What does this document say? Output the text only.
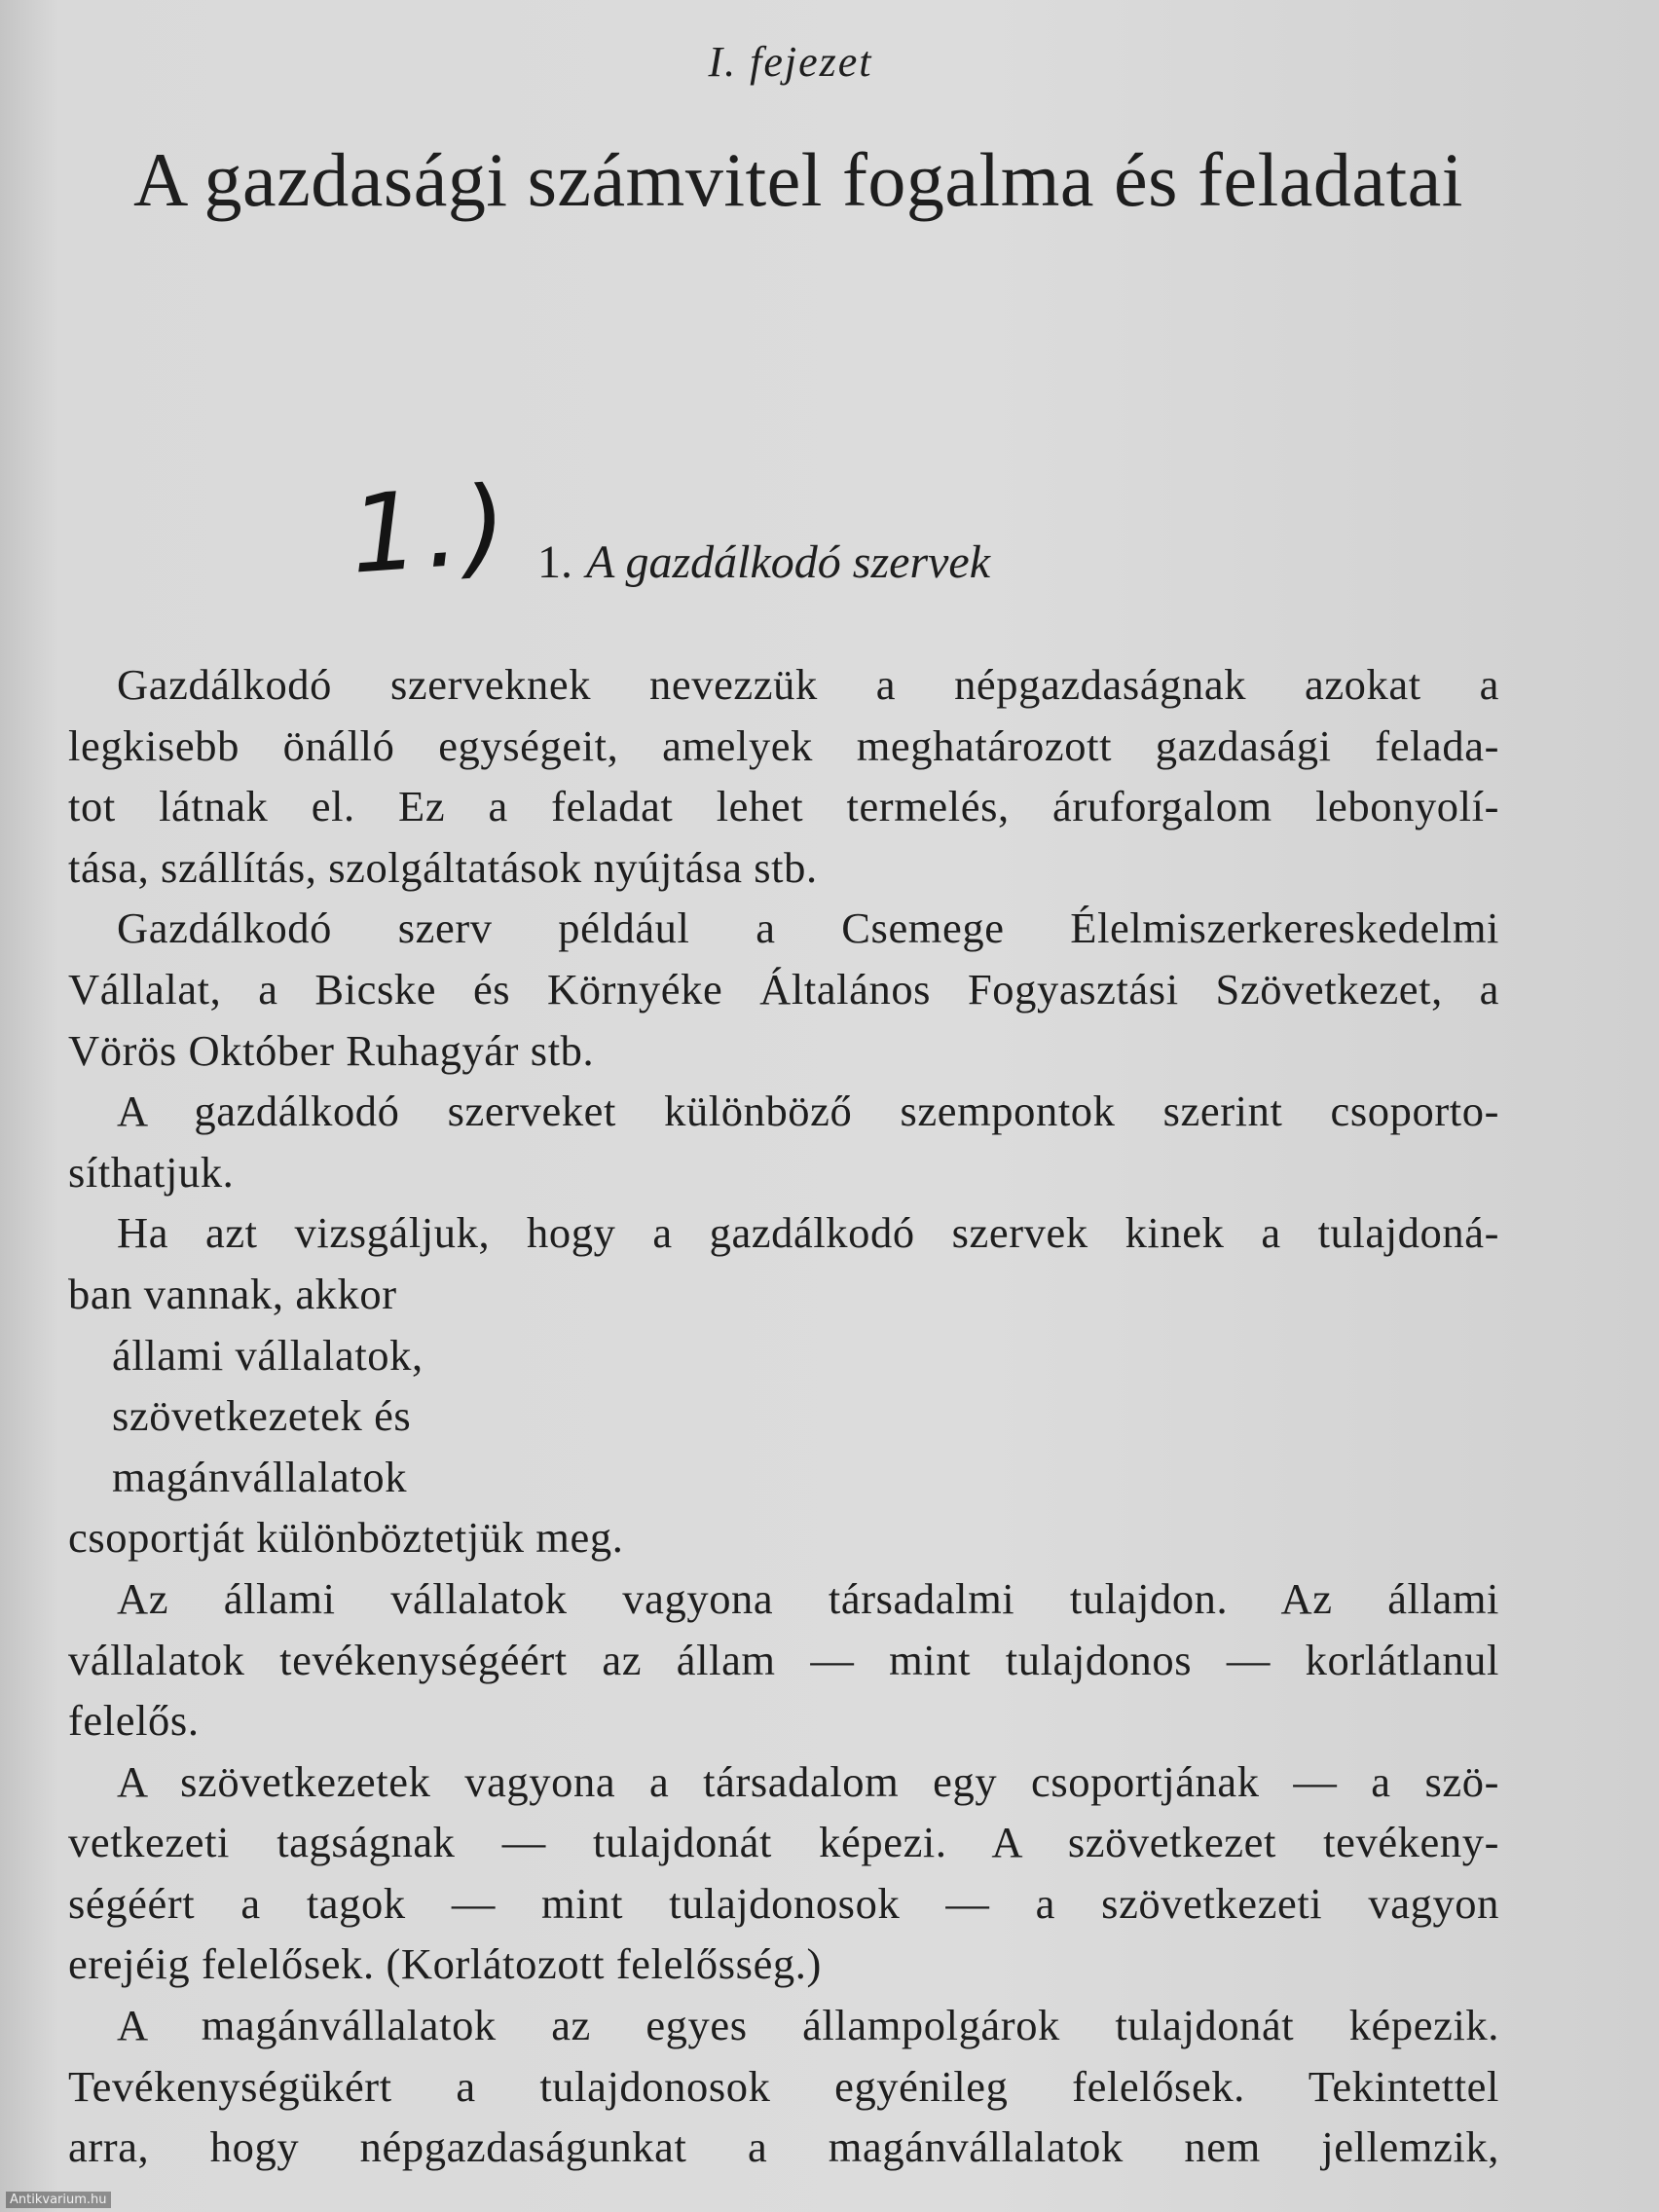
I. fejezet
A gazdasági számvitel fogalma és feladatai
1.) 1. A gazdálkodó szervek
Gazdálkodó szerveknek nevezzük a népgazdaságnak azokat a
legkisebb önálló egységeit, amelyek meghatározott gazdasági felada-
tot látnak el. Ez a feladat lehet termelés, áruforgalom lebonyolí-
tása, szállítás, szolgáltatások nyújtása stb.
Gazdálkodó szerv például a Csemege Élelmiszerkereskedelmi
Vállalat, a Bicske és Környéke Általános Fogyasztási Szövetkezet, a
Vörös Október Ruhagyár stb.
A gazdálkodó szerveket különböző szempontok szerint csoporto-
síthatjuk.
Ha azt vizsgáljuk, hogy a gazdálkodó szervek kinek a tulajdoná-
ban vannak, akkor
állami vállalatok,
szövetkezetek és
magánvállalatok
csoportját különböztetjük meg.
Az állami vállalatok vagyona társadalmi tulajdon. Az állami
vállalatok tevékenységéért az állam — mint tulajdonos — korlátlanul
felelős.
A szövetkezetek vagyona a társadalom egy csoportjának — a szö-
vetkezeti tagságnak — tulajdonát képezi. A szövetkezet tevékeny-
ségéért a tagok — mint tulajdonosok — a szövetkezeti vagyon
erejéig felelősek. (Korlátozott felelősség.)
A magánvállalatok az egyes állampolgárok tulajdonát képezik.
Tevékenységükért a tulajdonosok egyénileg felelősek. Tekintettel
arra, hogy népgazdaságunkat a magánvállalatok nem jellemzik,
Antikvarium.hu
